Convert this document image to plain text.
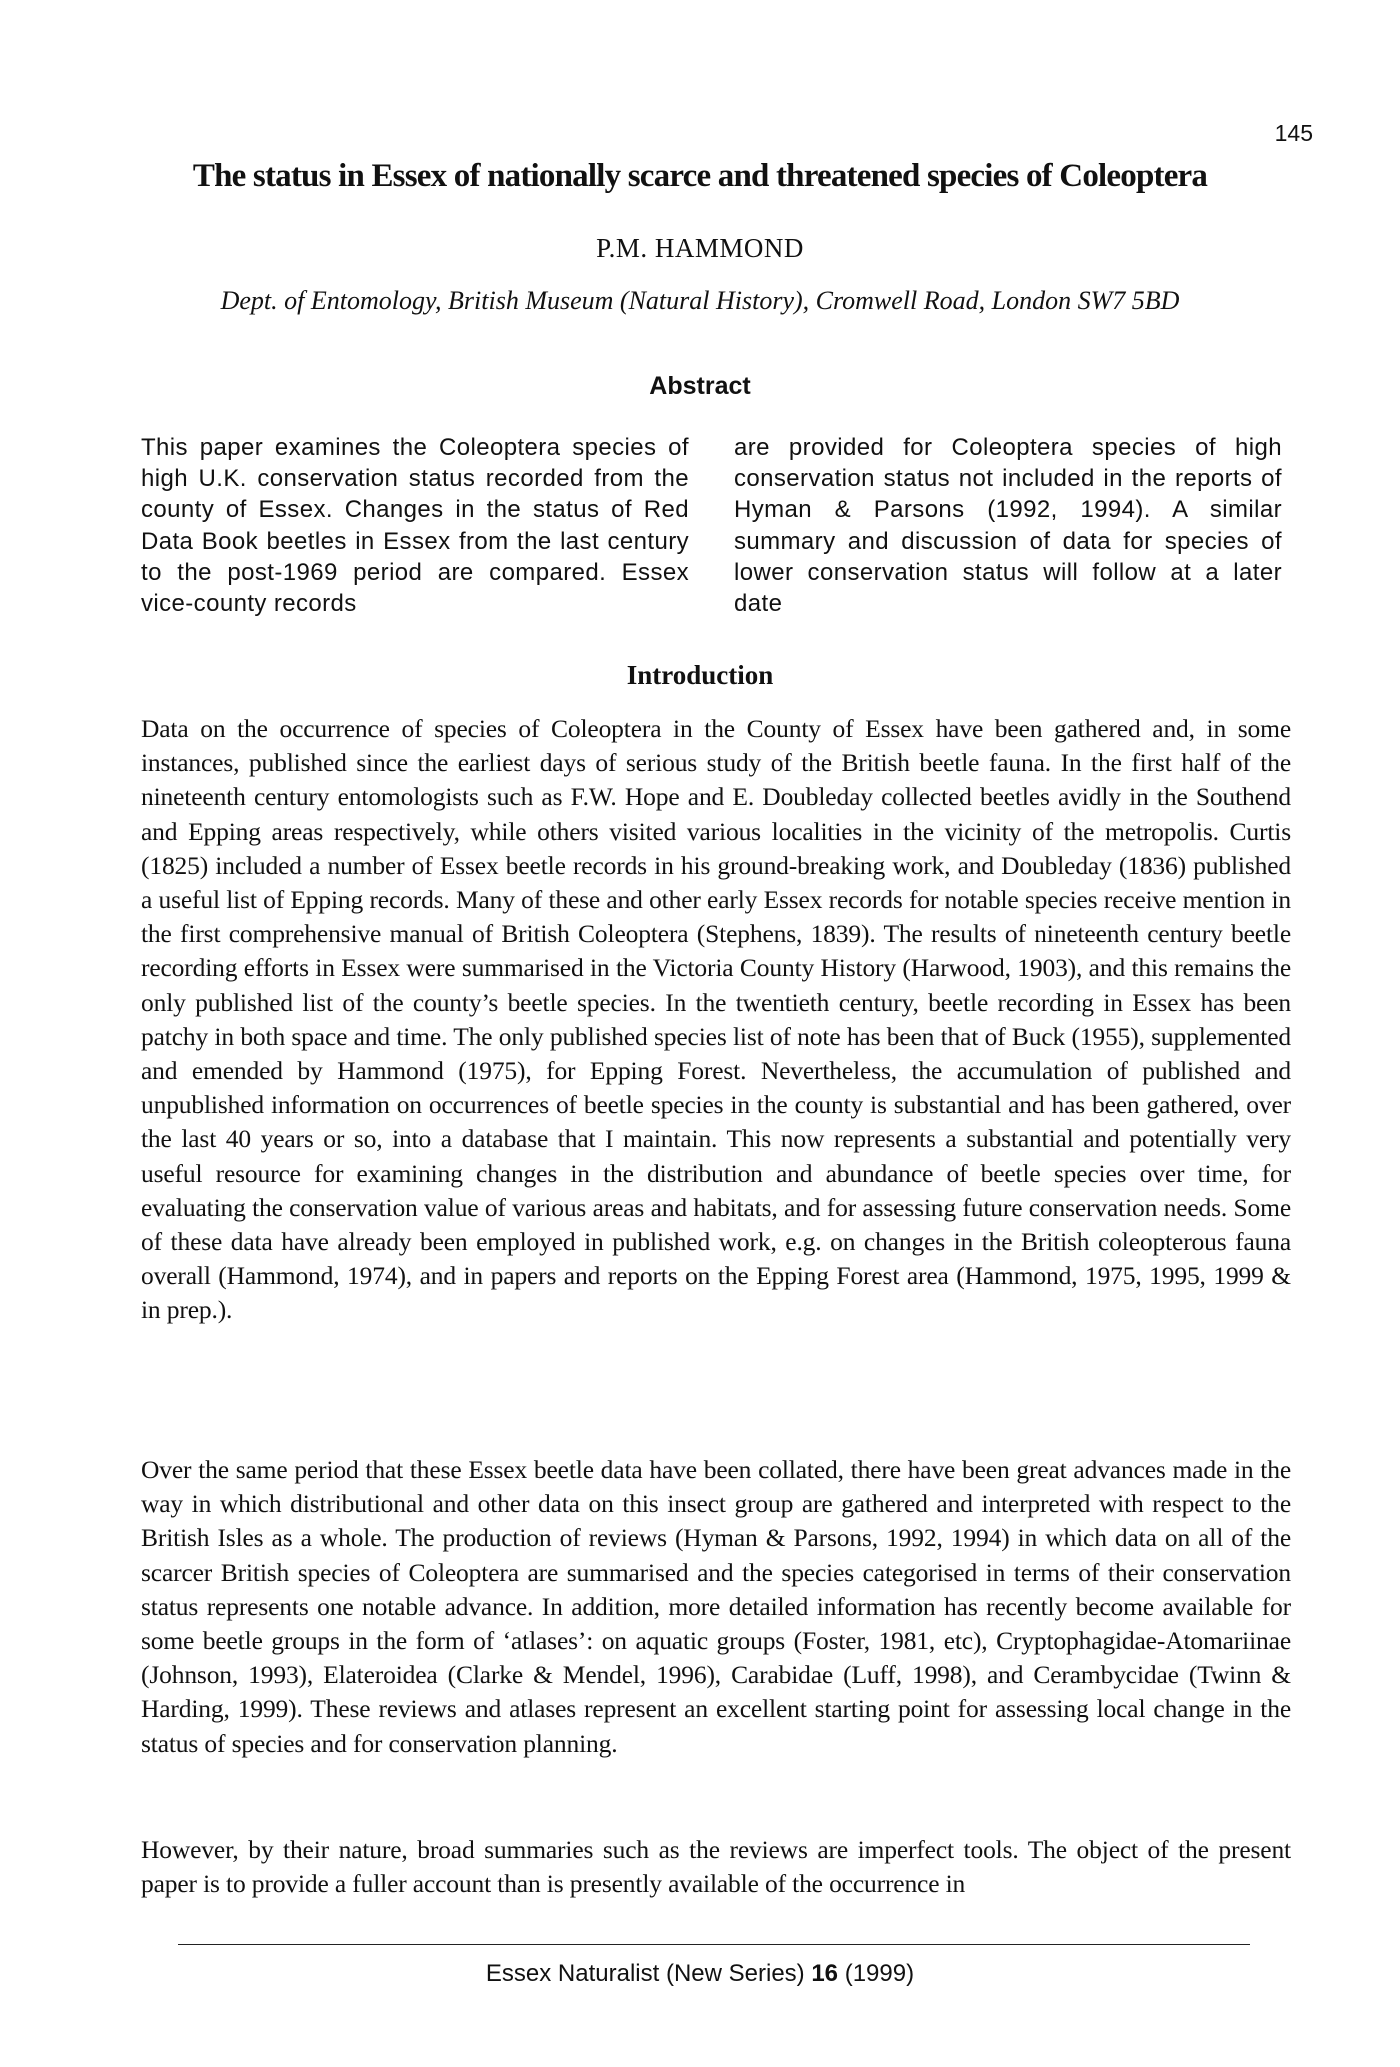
145
The status in Essex of nationally scarce and threatened species of Coleoptera
P.M. HAMMOND
Dept. of Entomology, British Museum (Natural History), Cromwell Road, London SW7 5BD
Abstract
This paper examines the Coleoptera species of high U.K. conservation status recorded from the county of Essex. Changes in the status of Red Data Book beetles in Essex from the last century to the post-1969 period are compared. Essex vice-county records
are provided for Coleoptera species of high conservation status not included in the reports of Hyman & Parsons (1992, 1994). A similar summary and discussion of data for species of lower conservation status will follow at a later date
Introduction

Data on the occurrence of species of Coleoptera in the County of Essex have been gathered and, in some instances, published since the earliest days of serious study of the British beetle fauna. In the first half of the nineteenth century entomologists such as F.W. Hope and E. Doubleday collected beetles avidly in the Southend and Epping areas respectively, while others visited various localities in the vicinity of the metropolis. Curtis (1825) included a number of Essex beetle records in his ground-breaking work, and Doubleday (1836) published a useful list of Epping records. Many of these and other early Essex records for notable species receive mention in the first comprehensive manual of British Coleoptera (Stephens, 1839). The results of nineteenth century beetle recording efforts in Essex were summarised in the Victoria County History (Harwood, 1903), and this remains the only published list of the county’s beetle species. In the twentieth century, beetle recording in Essex has been patchy in both space and time. The only published species list of note has been that of Buck (1955), supplemented and emended by Hammond (1975), for Epping Forest. Nevertheless, the accumulation of published and unpublished information on occurrences of beetle species in the county is substantial and has been gathered, over the last 40 years or so, into a database that I maintain. This now represents a substantial and potentially very useful resource for examining changes in the distribution and abundance of beetle species over time, for evaluating the conservation value of various areas and habitats, and for assessing future conservation needs. Some of these data have already been employed in published work, e.g. on changes in the British coleopterous fauna overall (Hammond, 1974), and in papers and reports on the Epping Forest area (Hammond, 1975, 1995, 1999 & in prep.).

Over the same period that these Essex beetle data have been collated, there have been great advances made in the way in which distributional and other data on this insect group are gathered and interpreted with respect to the British Isles as a whole. The production of reviews (Hyman & Parsons, 1992, 1994) in which data on all of the scarcer British species of Coleoptera are summarised and the species categorised in terms of their conservation status represents one notable advance. In addition, more detailed information has recently become available for some beetle groups in the form of ‘atlases’: on aquatic groups (Foster, 1981, etc), Cryptophagidae-Atomariinae (Johnson, 1993), Elateroidea (Clarke & Mendel, 1996), Carabidae (Luff, 1998), and Cerambycidae (Twinn & Harding, 1999). These reviews and atlases represent an excellent starting point for assessing local change in the status of species and for conservation planning.

However, by their nature, broad summaries such as the reviews are imperfect tools. The object of the present paper is to provide a fuller account than is presently available of the occurrence in

Essex Naturalist (New Series) 16 (1999)
